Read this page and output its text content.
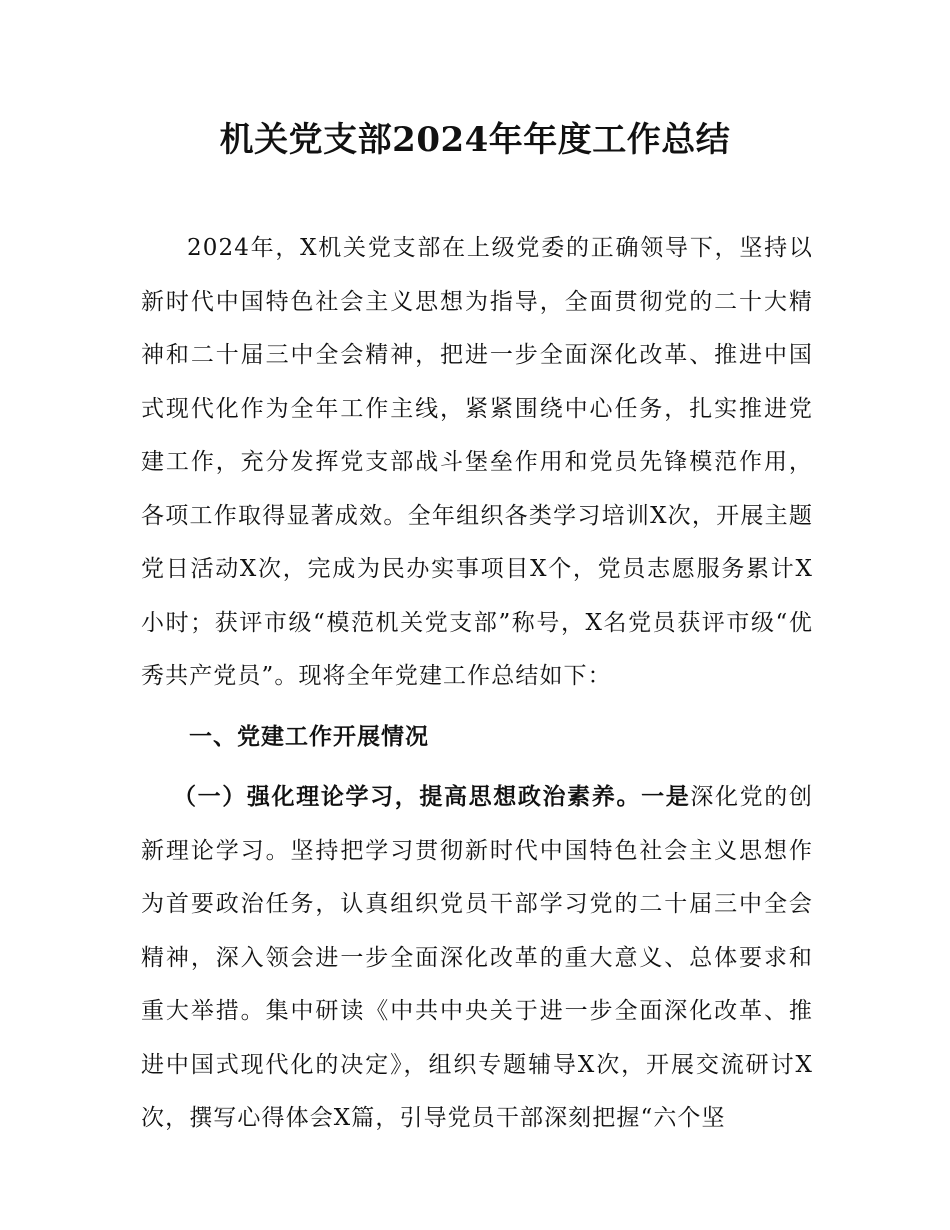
机关党支部2024年年度工作总结

2024年，X机关党支部在上级党委的正确领导下，坚持以新时代中国特色社会主义思想为指导，全面贯彻党的二十大精神和二十届三中全会精神，把进一步全面深化改革、推进中国式现代化作为全年工作主线，紧紧围绕中心任务，扎实推进党建工作，充分发挥党支部战斗堡垒作用和党员先锋模范作用，各项工作取得显著成效。全年组织各类学习培训X次，开展主题党日活动X次，完成为民办实事项目X个，党员志愿服务累计X小时；获评市级“模范机关党支部”称号，X名党员获评市级“优秀共产党员”。现将全年党建工作总结如下：

一、党建工作开展情况

（一）强化理论学习，提高思想政治素养。一是深化党的创新理论学习。坚持把学习贯彻新时代中国特色社会主义思想作为首要政治任务，认真组织党员干部学习党的二十届三中全会精神，深入领会进一步全面深化改革的重大意义、总体要求和重大举措。集中研读《中共中央关于进一步全面深化改革、推进中国式现代化的决定》，组织专题辅导X次，开展交流研讨X次，撰写心得体会X篇，引导党员干部深刻把握“六个坚
